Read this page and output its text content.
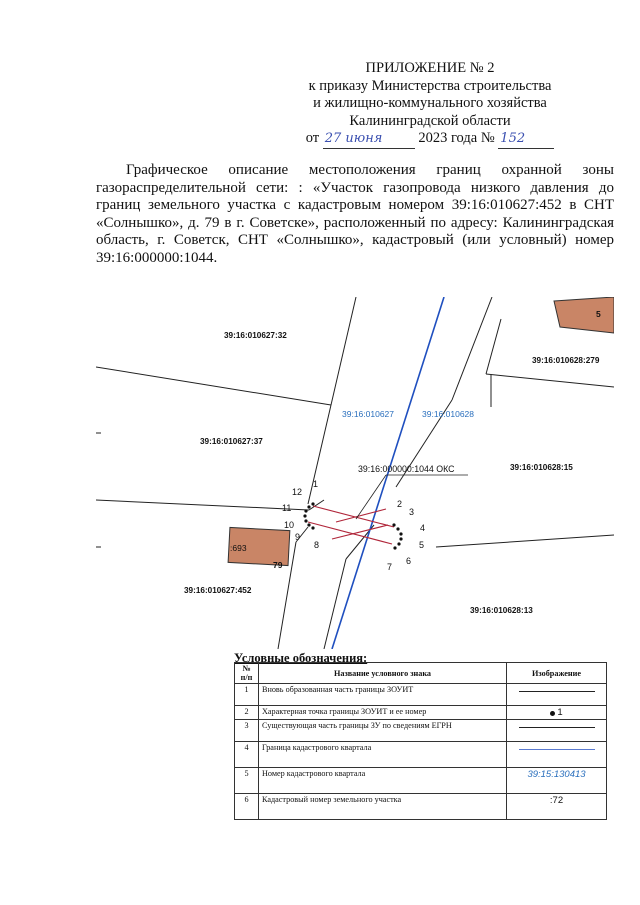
ПРИЛОЖЕНИЕ № 2
к приказу Министерства строительства
и жилищно-коммунального хозяйства
Калининградской области
от 27 июня 2023 года № 152

Графическое описание местоположения границ охранной зоны газораспределительной сети: : «Участок газопровода низкого давления до границ земельного участка с кадастровым номером 39:16:010627:452 в СНТ «Солнышко», д. 79 в г. Советске», расположенный по адресу: Калининградская область, г. Советск, СНТ «Солнышко», кадастровый (или условный) номер 39:16:000000:1044.

39:16:010627:32
39:16:010627:37
39:16:010627:452
39:16:010628:279
39:16:010628:15
39:16:010628:13
39:16:000000:1044 ОКС
:693
79
5
39:16:010627	39:16:010628
1
2
3
4
5
6
7
8
9
10
11
12
Условные обозначения:
№ п/п	Название условного знака	Изображение
1	Вновь образованная часть границы ЗОУИТ	
2	Характерная точка границы ЗОУИТ и ее номер	1
3	Существующая часть границы ЗУ по сведениям ЕГРН	
4	Граница кадастрового квартала	
5	Номер кадастрового квартала	39:15:130413
6	Кадастровый номер земельного участка	:72
